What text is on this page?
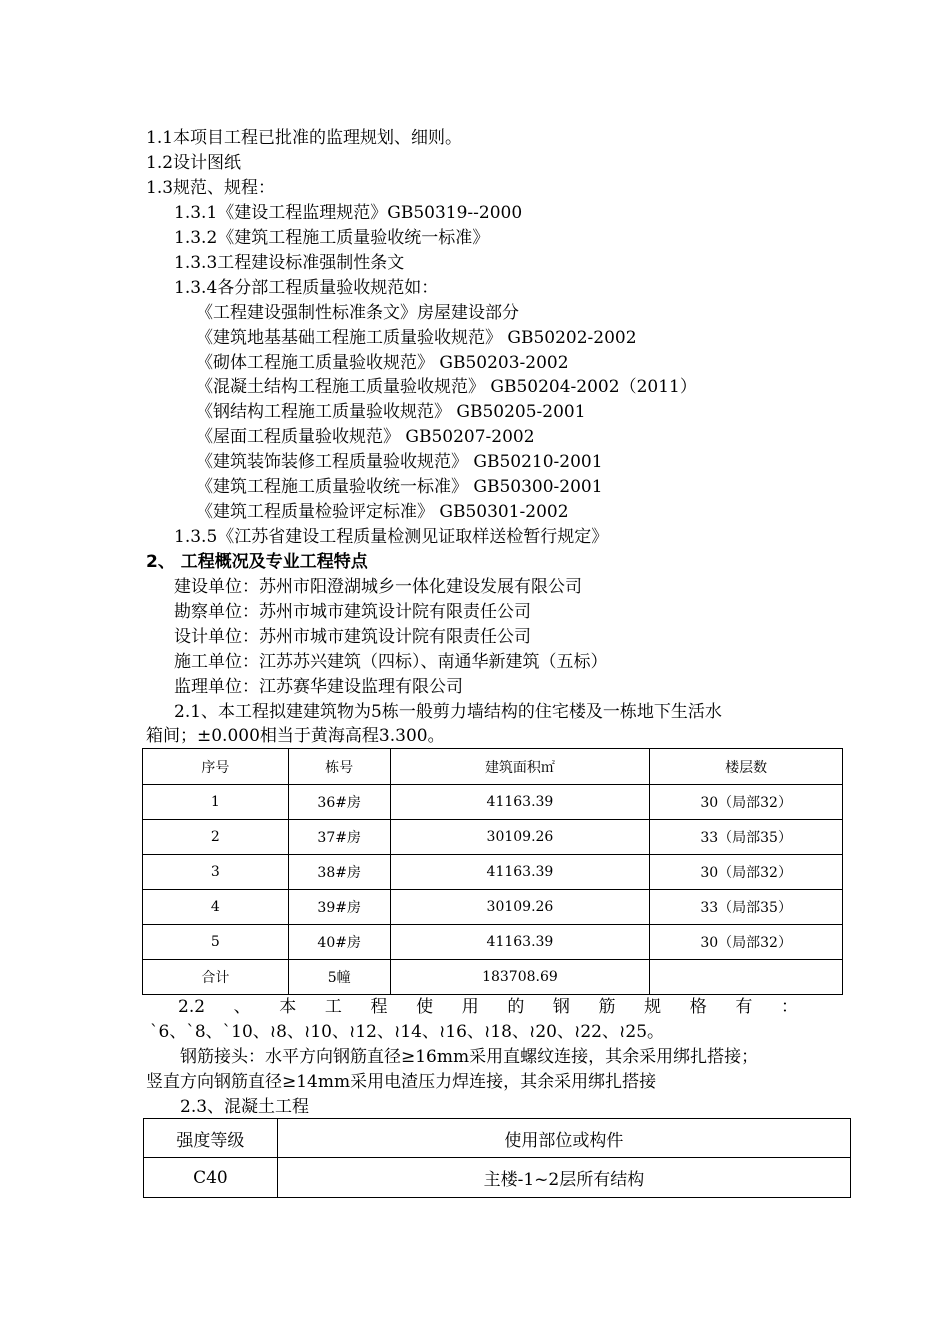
1.1本项目工程已批准的监理规划、细则。
1.2设计图纸
1.3规范、规程：
1.3.1《建设工程监理规范》GB50319--2000
1.3.2《建筑工程施工质量验收统一标准》
1.3.3工程建设标准强制性条文
1.3.4各分部工程质量验收规范如：
《工程建设强制性标准条文》房屋建设部分
《建筑地基基础工程施工质量验收规范》 GB50202-2002
《砌体工程施工质量验收规范》 GB50203-2002
《混凝土结构工程施工质量验收规范》 GB50204-2002（2011）
《钢结构工程施工质量验收规范》 GB50205-2001
《屋面工程质量验收规范》 GB50207-2002
《建筑装饰装修工程质量验收规范》 GB50210-2001
《建筑工程施工质量验收统一标准》 GB50300-2001
《建筑工程质量检验评定标准》 GB50301-2002
1.3.5《江苏省建设工程质量检测见证取样送检暂行规定》
2、 工程概况及专业工程特点
建设单位：苏州市阳澄湖城乡一体化建设发展有限公司
勘察单位：苏州市城市建筑设计院有限责任公司
设计单位：苏州市城市建筑设计院有限责任公司
施工单位：江苏苏兴建筑（四标）、南通华新建筑（五标）
监理单位：江苏赛华建设监理有限公司
2.1、本工程拟建建筑物为5栋一般剪力墙结构的住宅楼及一栋地下生活水
箱间；±0.000相当于黄海高程3.300。
序号	栋号	建筑面积㎡	楼层数
1	36#房	41163.39	30（局部32）
2	37#房	30109.26	33（局部35）
3	38#房	41163.39	30（局部32）
4	39#房	30109.26	33（局部35）
5	40#房	41163.39	30（局部32）
合计	5幢	183708.69	
2.2 、 本 工 程 使 用 的 钢 筋 规 格 有 ：
`6、`8、`10、≀8、≀10、≀12、≀14、≀16、≀18、≀20、≀22、≀25。
钢筋接头：水平方向钢筋直径≥16mm采用直螺纹连接，其余采用绑扎搭接；
竖直方向钢筋直径≥14mm采用电渣压力焊连接，其余采用绑扎搭接
2.3、混凝土工程
强度等级	使用部位或构件
C40	主楼-1~2层所有结构
